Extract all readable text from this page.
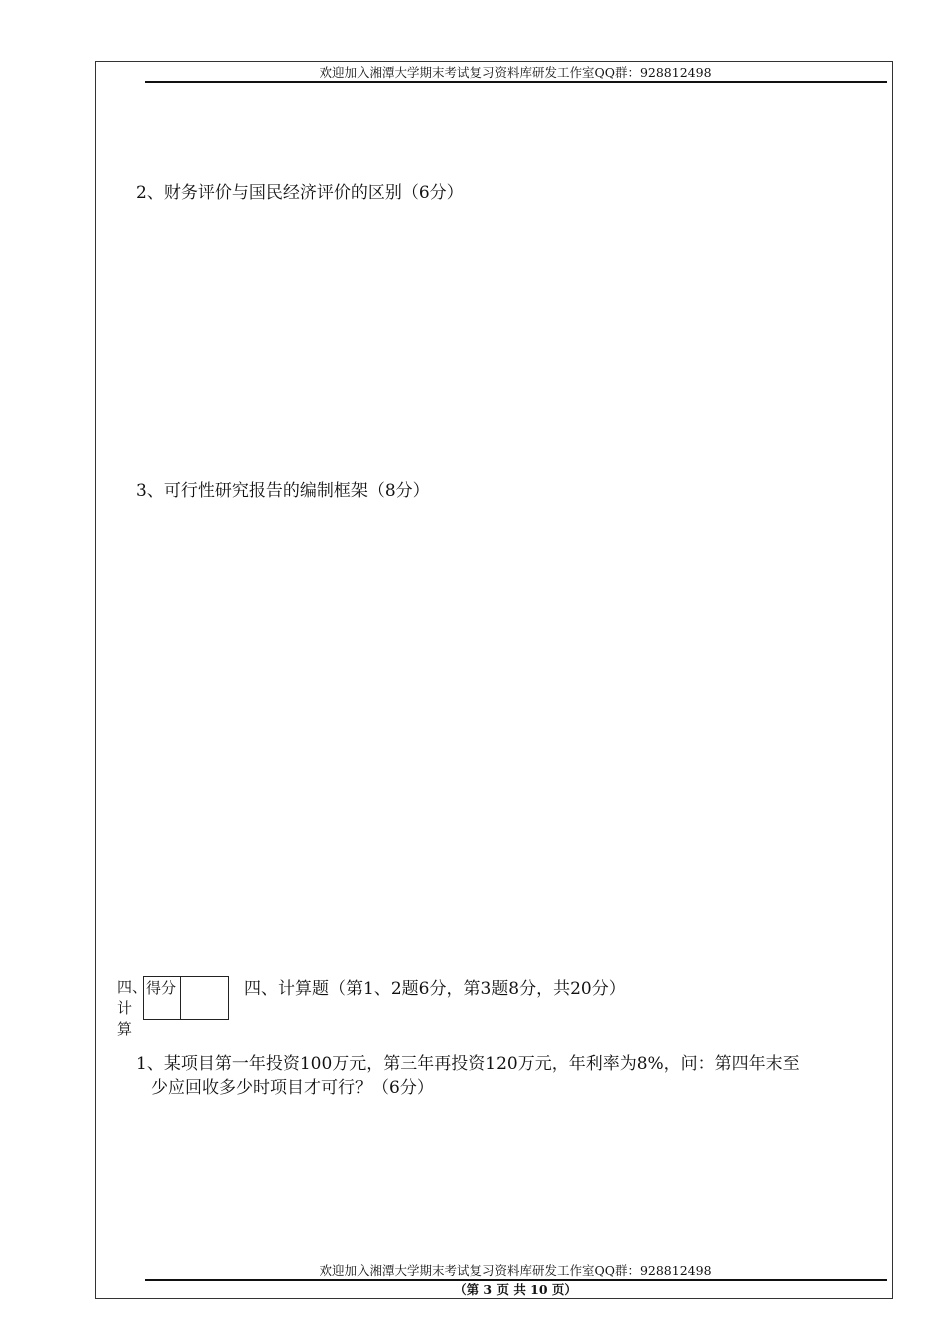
欢迎加入湘潭大学期末考试复习资料库研发工作室QQ群：928812498
2、财务评价与国民经济评价的区别（6分）
3、可行性研究报告的编制框架（8分）
四、计算
得分	四、计算题（第1、2题6分，第3题8分，共20分）
1、某项目第一年投资100万元，第三年再投资120万元，年利率为8%，问：第四年末至
少应回收多少时项目才可行？（6分）
欢迎加入湘潭大学期末考试复习资料库研发工作室QQ群：928812498
（第 3 页 共 10 页）
